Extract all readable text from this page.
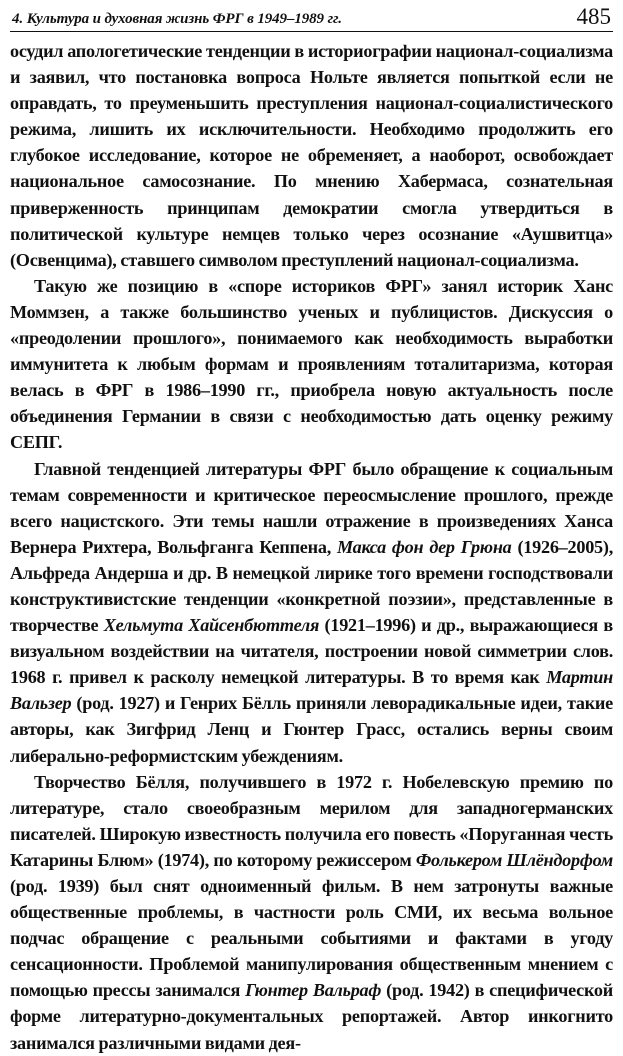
4. Культура и духовная жизнь ФРГ в 1949–1989 гг.	485

осудил апологетические тенденции в историографии национал-социализма и заявил, что постановка вопроса Нольте является попыткой если не оправдать, то преуменьшить преступления национал-социалистического режима, лишить их исключительности. Необходимо продолжить его глубокое исследование, которое не обременяет, а наоборот, освобождает национальное самосознание. По мнению Хабермаса, сознательная приверженность принципам демократии смогла утвердиться в политической культуре немцев только через осознание «Аушвитца» (Освенцима), ставшего символом преступлений национал-социализма.

Такую же позицию в «споре историков ФРГ» занял историк Ханс Моммзен, а также большинство ученых и публицистов. Дискуссия о «преодолении прошлого», понимаемого как необходимость выработки иммунитета к любым формам и проявлениям тоталитаризма, которая велась в ФРГ в 1986–1990 гг., приобрела новую актуальность после объединения Германии в связи с необходимостью дать оценку режиму СЕПГ.

Главной тенденцией литературы ФРГ было обращение к социальным темам современности и критическое переосмысление прошлого, прежде всего нацистского. Эти темы нашли отражение в произведениях Ханса Вернера Рихтера, Вольфганга Кеппена, Макса фон дер Грюна (1926–2005), Альфреда Андерша и др. В немецкой лирике того времени господствовали конструктивистские тенденции «конкретной поэзии», представленные в творчестве Хельмута Хайсенбюттеля (1921–1996) и др., выражающиеся в визуальном воздействии на читателя, построении новой симметрии слов. 1968 г. привел к расколу немецкой литературы. В то время как Мартин Вальзер (род. 1927) и Генрих Бёлль приняли леворадикальные идеи, такие авторы, как Зигфрид Ленц и Гюнтер Грасс, остались верны своим либерально-реформистским убеждениям.

Творчество Бёлля, получившего в 1972 г. Нобелевскую премию по литературе, стало своеобразным мерилом для западногерманских писателей. Широкую известность получила его повесть «Поруганная честь Катарины Блюм» (1974), по которому режиссером Фолькером Шлёндорфом (род. 1939) был снят одноименный фильм. В нем затронуты важные общественные проблемы, в частности роль СМИ, их весьма вольное подчас обращение с реальными событиями и фактами в угоду сенсационности. Проблемой манипулирования общественным мнением с помощью прессы занимался Гюнтер Вальраф (род. 1942) в специфической форме литературно-документальных репортажей. Автор инкогнито занимался различными видами дея-
